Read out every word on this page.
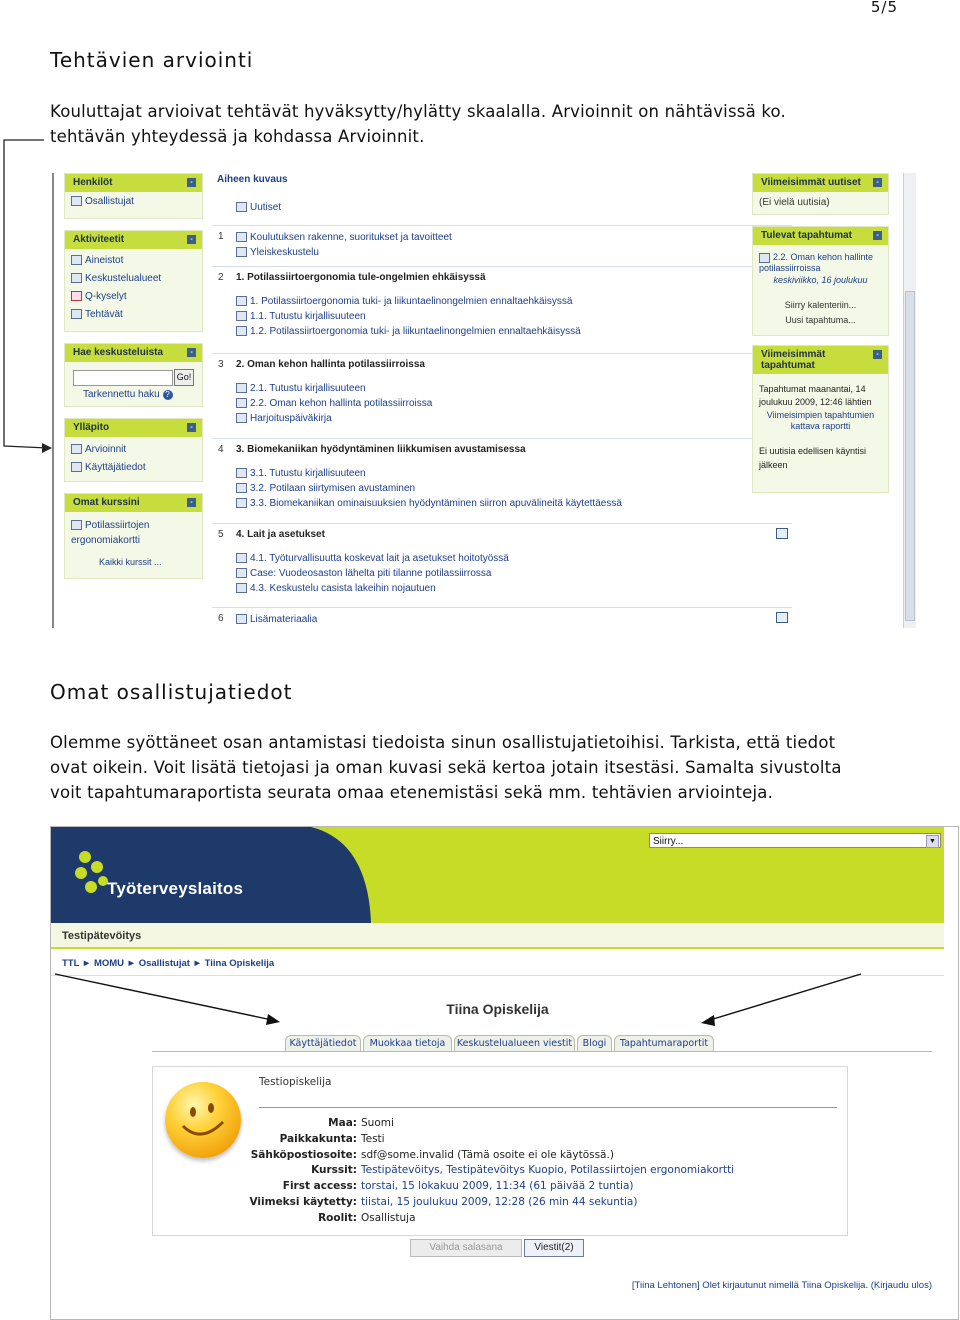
5/5
Tehtävien arviointi
Kouluttajat arvioivat tehtävät hyväksytty/hylätty skaalalla. Arvioinnit on nähtävissä ko.
tehtävän yhteydessä ja kohdassa Arvioinnit.
Henkilöt	-
Osallistujat
Aktiviteetit	-
Aineistot
Keskustelualueet
Q-kyselyt
Tehtävät
Hae keskusteluista	-
Go!
Tarkennettu haku ?
Ylläpito	-
Arvioinnit
Käyttäjätiedot
Omat kurssini	-
Potilassiirtojen
ergonomiakortti
Kaikki kurssit ...
Aiheen kuvaus
Uutiset
1	Koulutuksen rakenne, suoritukset ja tavoitteet
Yleiskeskustelu
2 1. Potilassiirtoergonomia tule-ongelmien ehkäisyssä
1. Potilassiirtoergonomia tuki- ja liikuntaelinongelmien ennaltaehkäisyssä
1.1. Tutustu kirjallisuuteen
1.2. Potilassiirtoergonomia tuki- ja liikuntaelinongelmien ennaltaehkäisyssä
3 2. Oman kehon hallinta potilassiirroissa
2.1. Tutustu kirjallisuuteen
2.2. Oman kehon hallinta potilassiirroissa
Harjoituspäiväkirja
4 3. Biomekaniikan hyödyntäminen liikkumisen avustamisessa
3.1. Tutustu kirjallisuuteen
3.2. Potilaan siirtymisen avustaminen
3.3. Biomekaniikan ominaisuuksien hyödyntäminen siirron apuvälineitä käytettäessä
5 4. Lait ja asetukset
4.1. Työturvallisuutta koskevat lait ja asetukset hoitotyössä
Case: Vuodeosaston lähelta piti tilanne potilassiirrossa
4.3. Keskustelu casista lakeihin nojautuen
6	Lisämateriaalia
Viimeisimmät uutiset	-
(Ei vielä uutisia)
Tulevat tapahtumat	-
2.2. Oman kehon hallinte potilassiirroissa
keskiviikko, 16 joulukuu
Siirry kalenteriin...
Uusi tapahtuma...
Viimeisimmät
tapahtumat
-
Tapahtumat maanantai, 14
joulukuu 2009, 12:46 lähtien
Viimeisimpien tapahtumien
kattava raportti
Ei uutisia edellisen käyntisi
jälkeen
Omat osallistujatiedot
Olemme syöttäneet osan antamistasi tiedoista sinun osallistujatietoihisi. Tarkista, että tiedot
ovat oikein. Voit lisätä tietojasi ja oman kuvasi sekä kertoa jotain itsestäsi. Samalta sivustolta
voit tapahtumaraportista seurata omaa etenemistäsi sekä mm. tehtävien arviointeja.
Työterveyslaitos
Siirry...	▼
Testipätevöitys
TTL ► MOMU ► Osallistujat ► Tiina Opiskelija
Tiina Opiskelija
Käyttäjätiedot	Muokkaa tietoja	Keskustelualueen viestit	Blogi	Tapahtumaraportit
Testiopiskelija
Maa: Suomi
Paikkakunta: Testi
Sähköpostiosoite: sdf@some.invalid (Tämä osoite ei ole käytössä.)
Kurssit: Testipätevöitys, Testipätevöitys Kuopio, Potilassiirtojen ergonomiakortti
First access: torstai, 15 lokakuu 2009, 11:34 (61 päivää 2 tuntia)
Viimeksi käytetty: tiistai, 15 joulukuu 2009, 12:28 (26 min 44 sekuntia)
Roolit: Osallistuja
Vaihda salasana	Viestit(2)
[Tiina Lehtonen] Olet kirjautunut nimellä Tiina Opiskelija. (Kirjaudu ulos)
